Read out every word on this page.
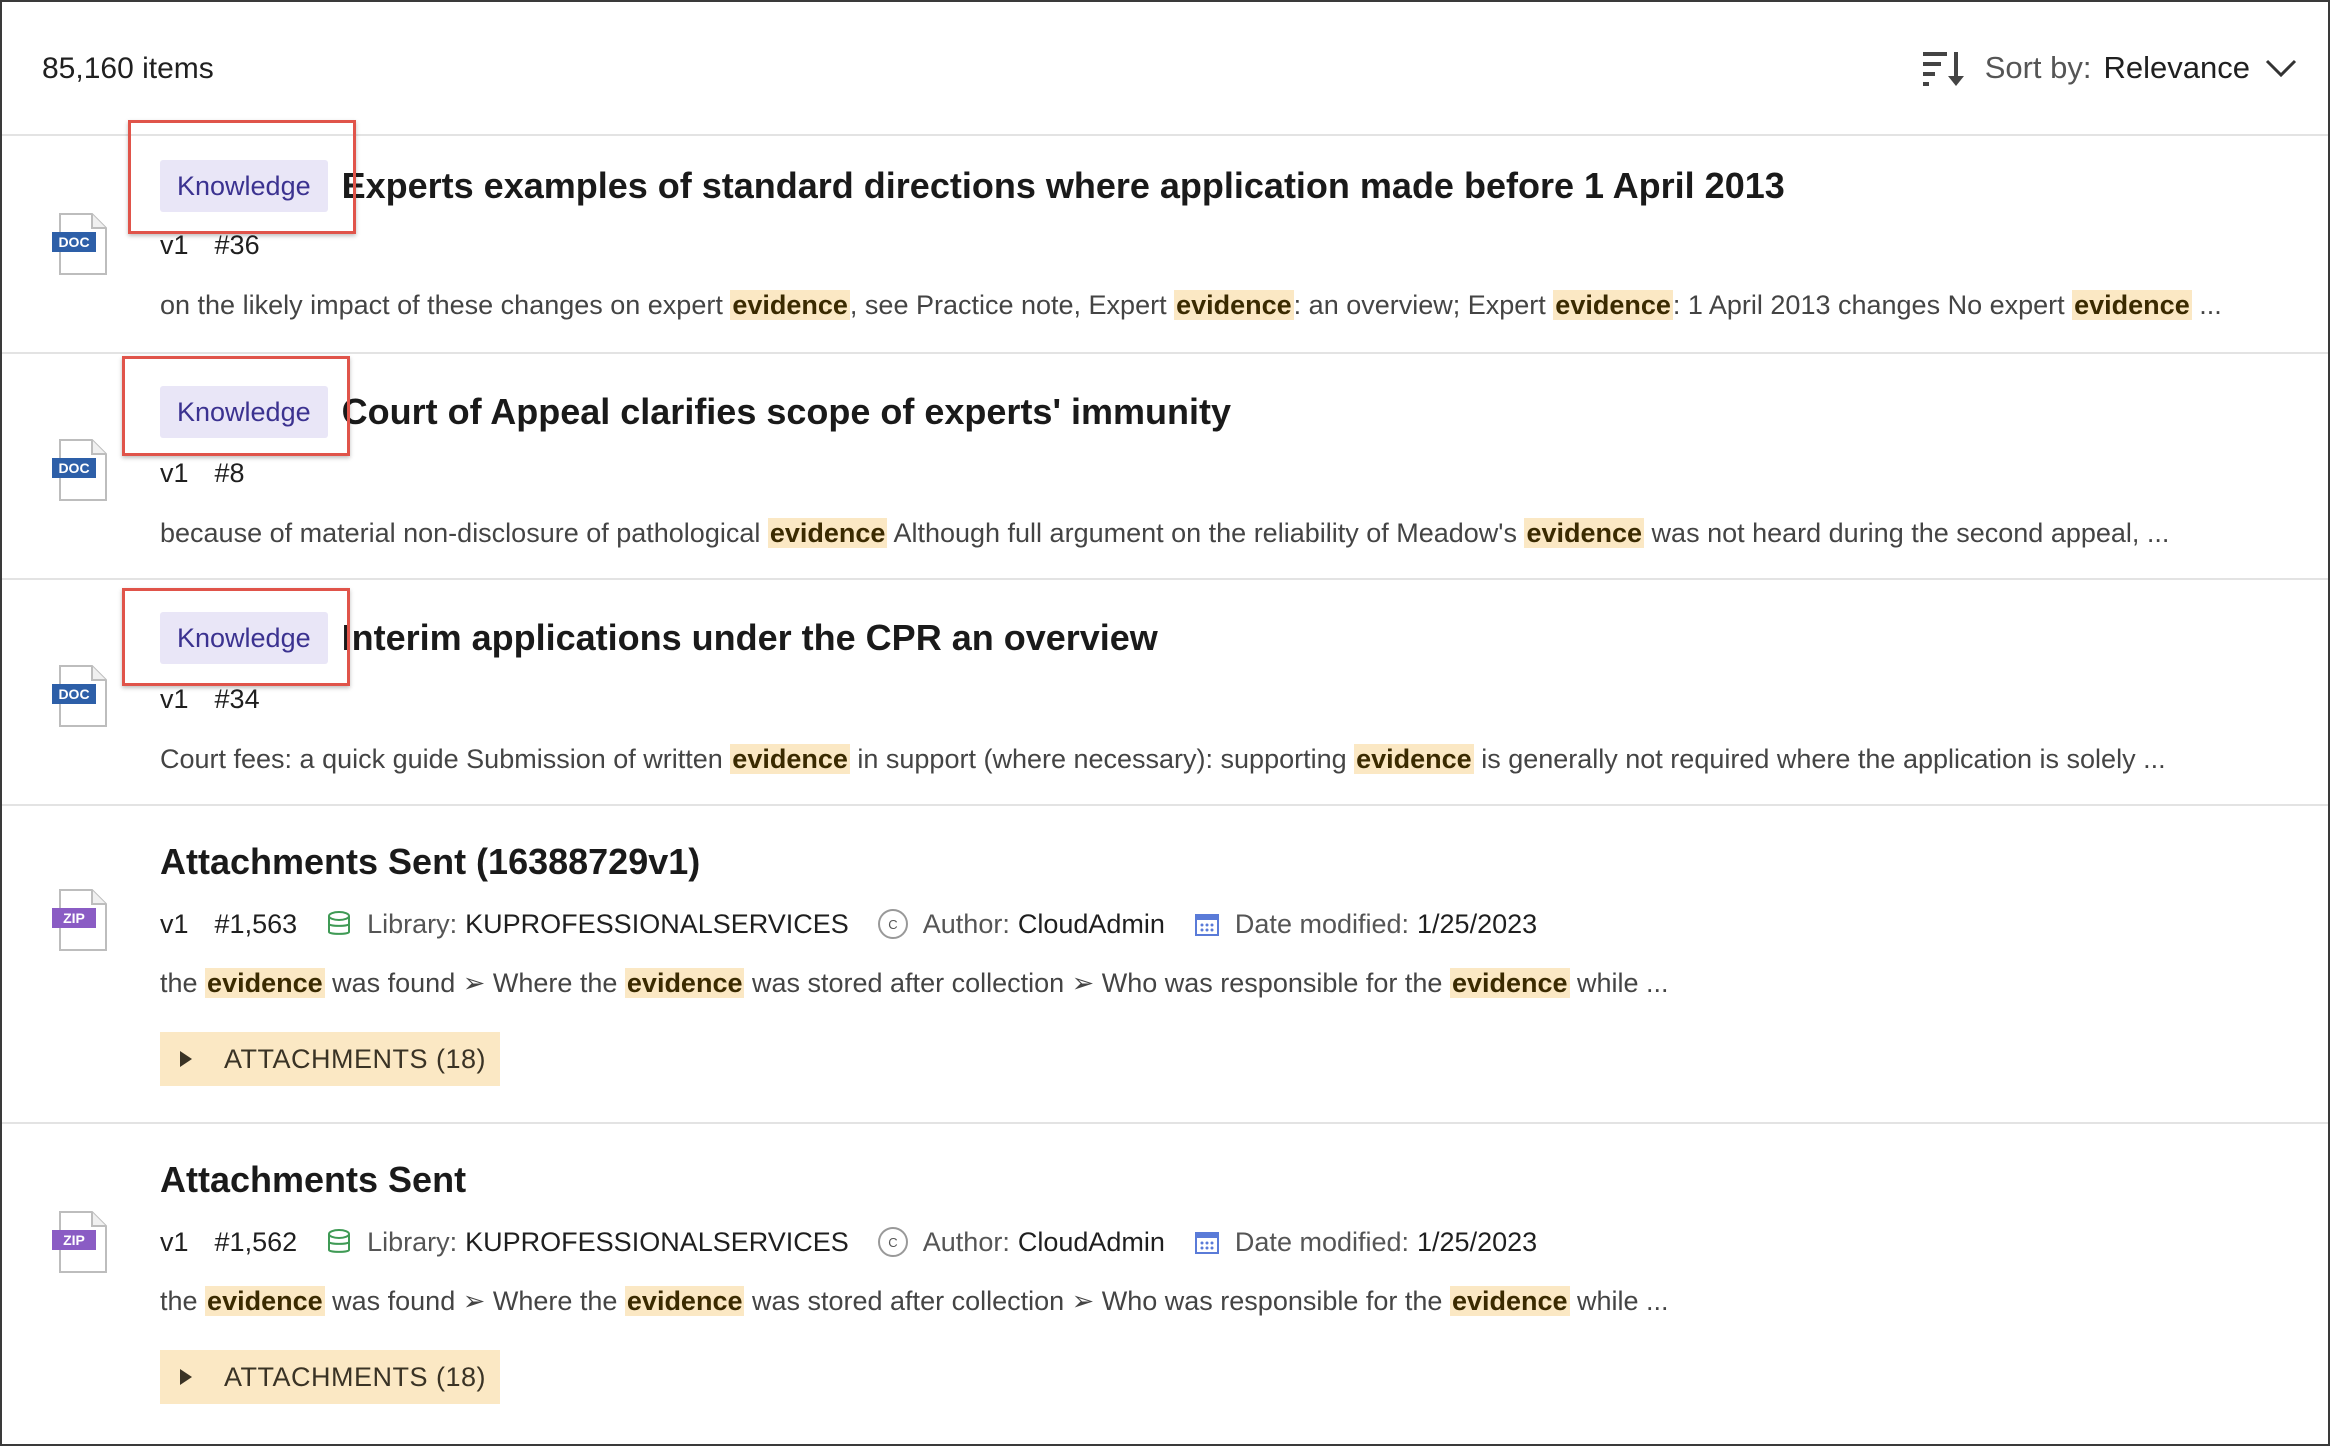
85,160 items	Sort by: Relevance
DOC
Knowledge Experts examples of standard directions where application made before 1 April 2013
v1 #36
on the likely impact of these changes on expert evidence, see Practice note, Expert evidence: an overview; Expert evidence: 1 April 2013 changes No expert evidence ...
DOC
Knowledge Court of Appeal clarifies scope of experts' immunity
v1 #8
because of material non-disclosure of pathological evidence Although full argument on the reliability of Meadow's evidence was not heard during the second appeal, ...
DOC
Knowledge Interim applications under the CPR an overview
v1 #34
Court fees: a quick guide Submission of written evidence in support (where necessary): supporting evidence is generally not required where the application is solely ...
ZIP
Attachments Sent (16388729v1)
v1 #1,563	Library: KUPROFESSIONALSERVICES	C Author: CloudAdmin	Date modified: 1/25/2023
the evidence was found ➢ Where the evidence was stored after collection ➢ Who was responsible for the evidence while ...
ATTACHMENTS (18)
ZIP
Attachments Sent
v1 #1,562	Library: KUPROFESSIONALSERVICES	C Author: CloudAdmin	Date modified: 1/25/2023
the evidence was found ➢ Where the evidence was stored after collection ➢ Who was responsible for the evidence while ...
ATTACHMENTS (18)
